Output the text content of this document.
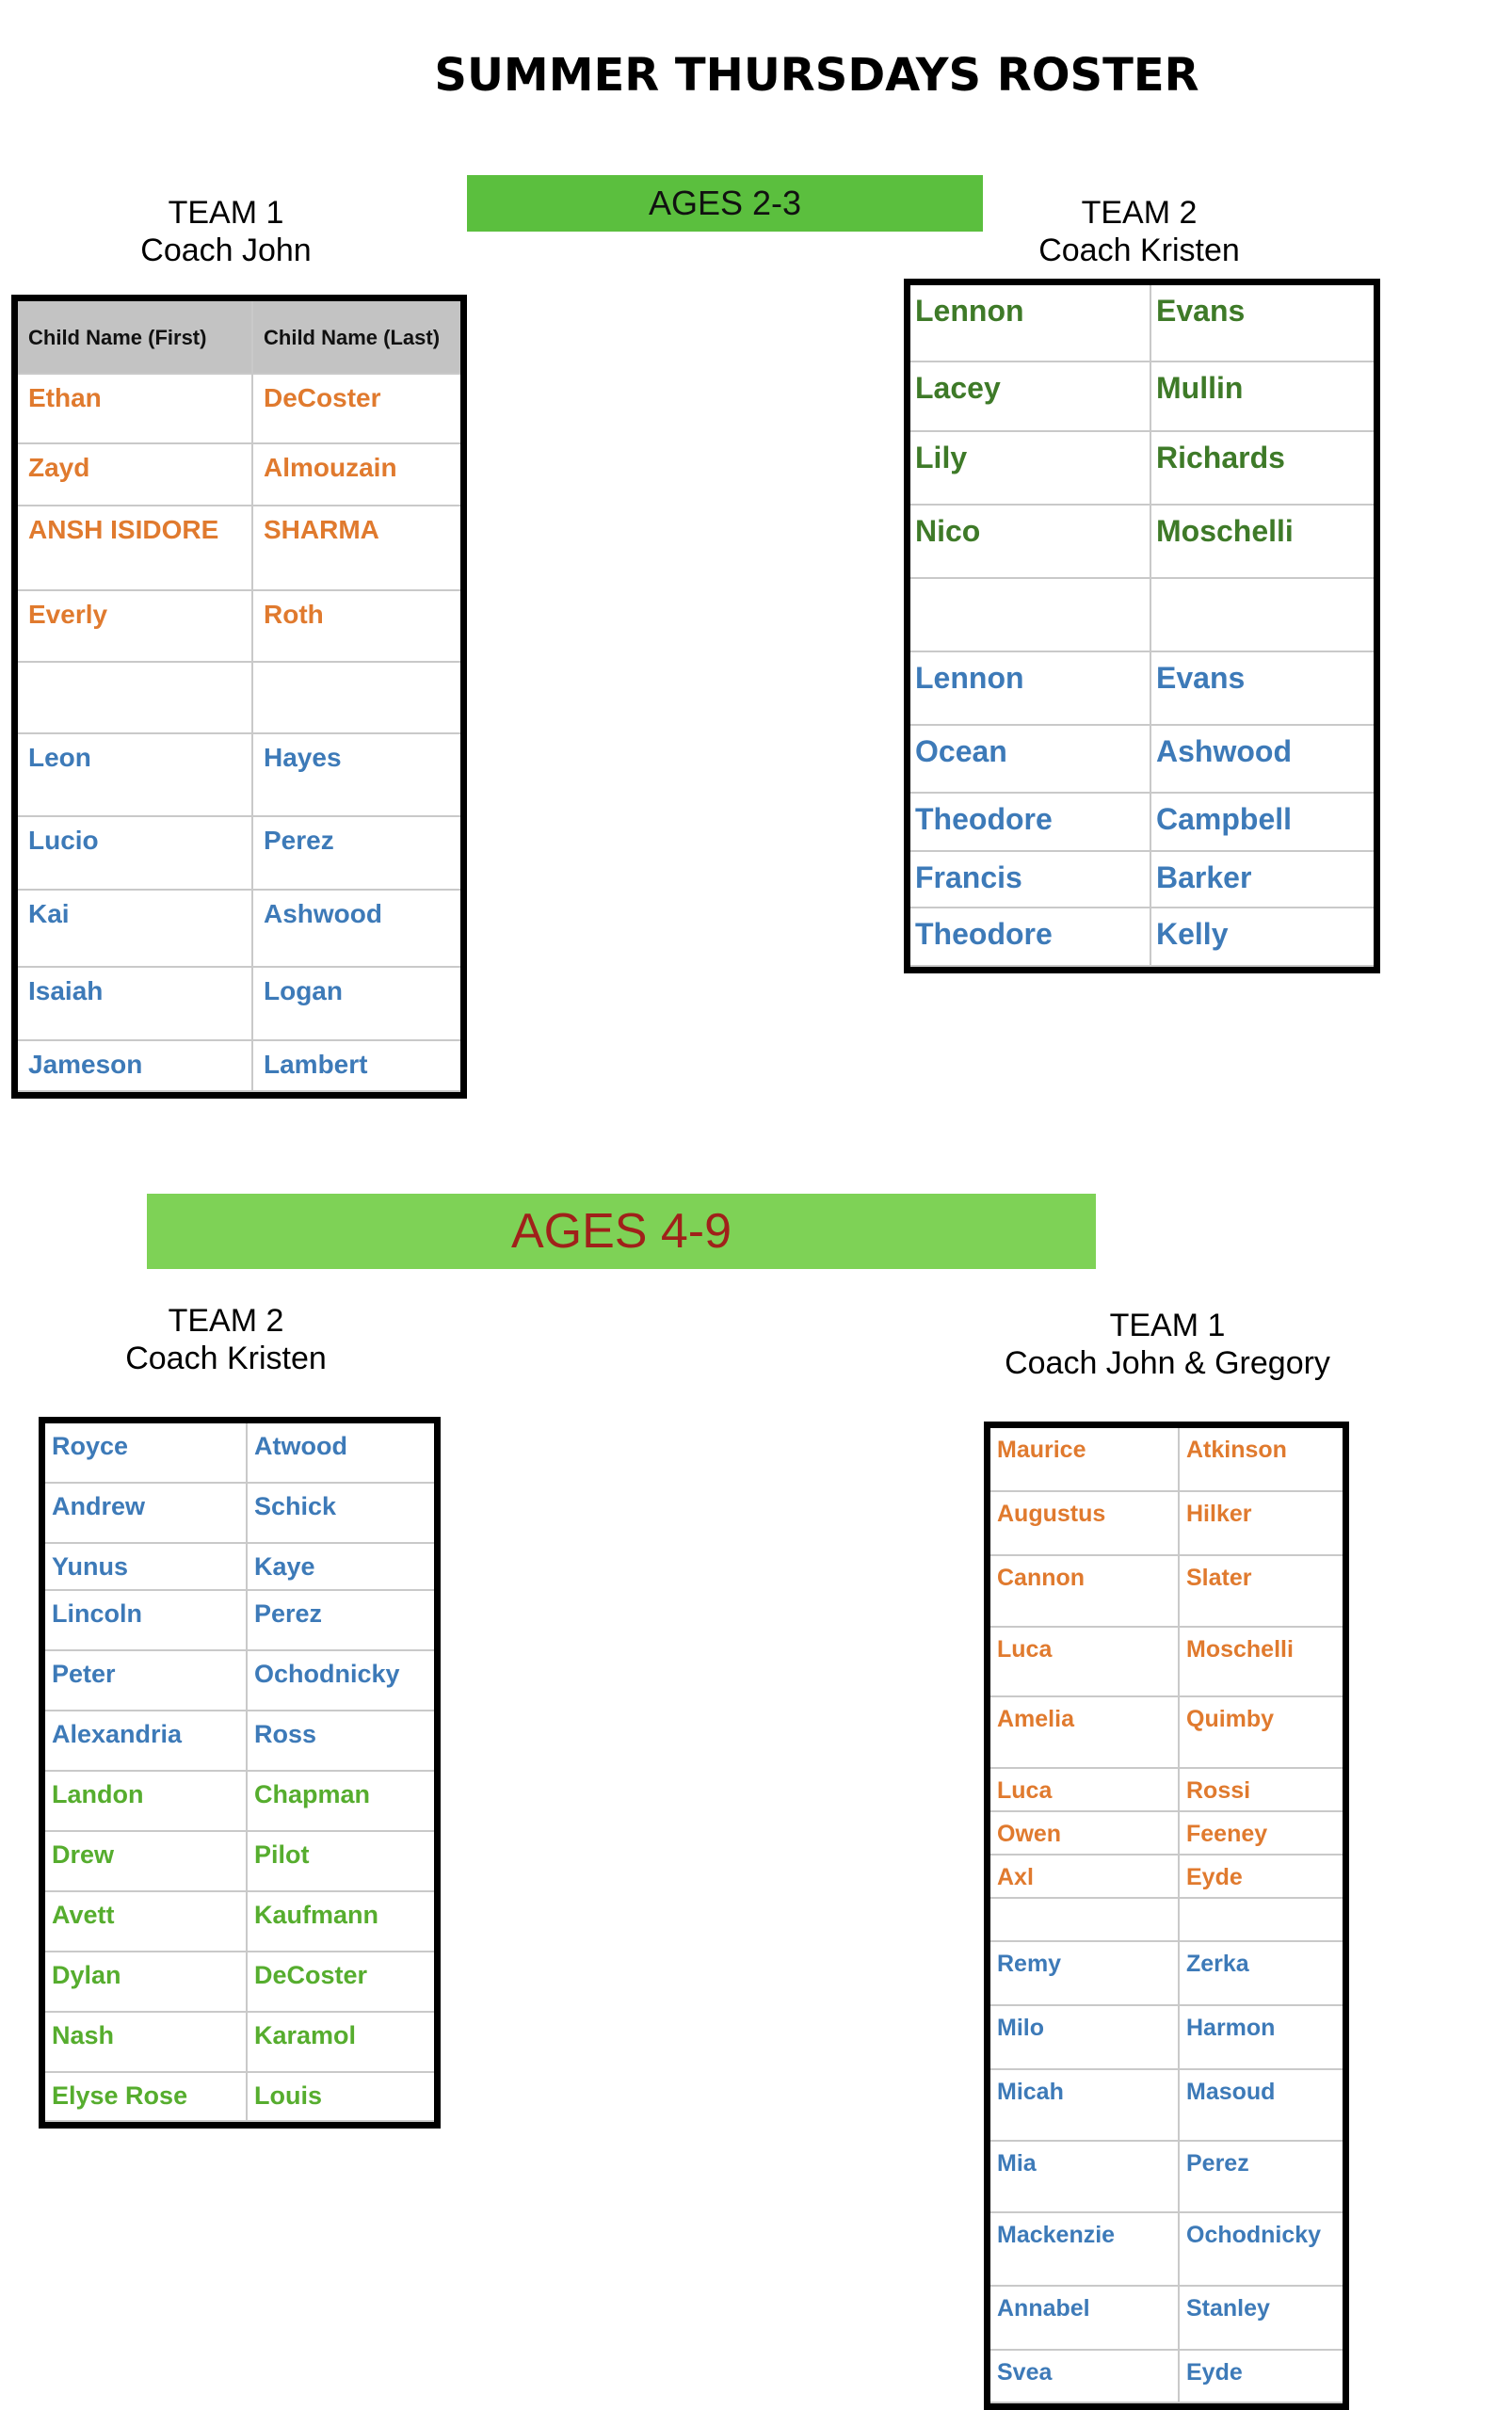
SUMMER THURSDAYS ROSTER
AGES 2-3
TEAM 1
Coach John
TEAM 2
Coach Kristen
AGES 4-9
TEAM 2
Coach Kristen
TEAM 1
Coach John & Gregory
Child Name (First)	Child Name (Last)
Ethan	DeCoster
Zayd	Almouzain
ANSH ISIDORE	SHARMA
Everly	Roth
Leon	Hayes
Lucio	Perez
Kai	Ashwood
Isaiah	Logan
Jameson	Lambert
Lennon	Evans
Lacey	Mullin
Lily	Richards
Nico	Moschelli
Lennon	Evans
Ocean	Ashwood
Theodore	Campbell
Francis	Barker
Theodore	Kelly
Royce	Atwood
Andrew	Schick
Yunus	Kaye
Lincoln	Perez
Peter	Ochodnicky
Alexandria	Ross
Landon	Chapman
Drew	Pilot
Avett	Kaufmann
Dylan	DeCoster
Nash	Karamol
Elyse Rose	Louis
Maurice	Atkinson
Augustus	Hilker
Cannon	Slater
Luca	Moschelli
Amelia	Quimby
Luca	Rossi
Owen	Feeney
Axl	Eyde
Remy	Zerka
Milo	Harmon
Micah	Masoud
Mia	Perez
Mackenzie	Ochodnicky
Annabel	Stanley
Svea	Eyde
